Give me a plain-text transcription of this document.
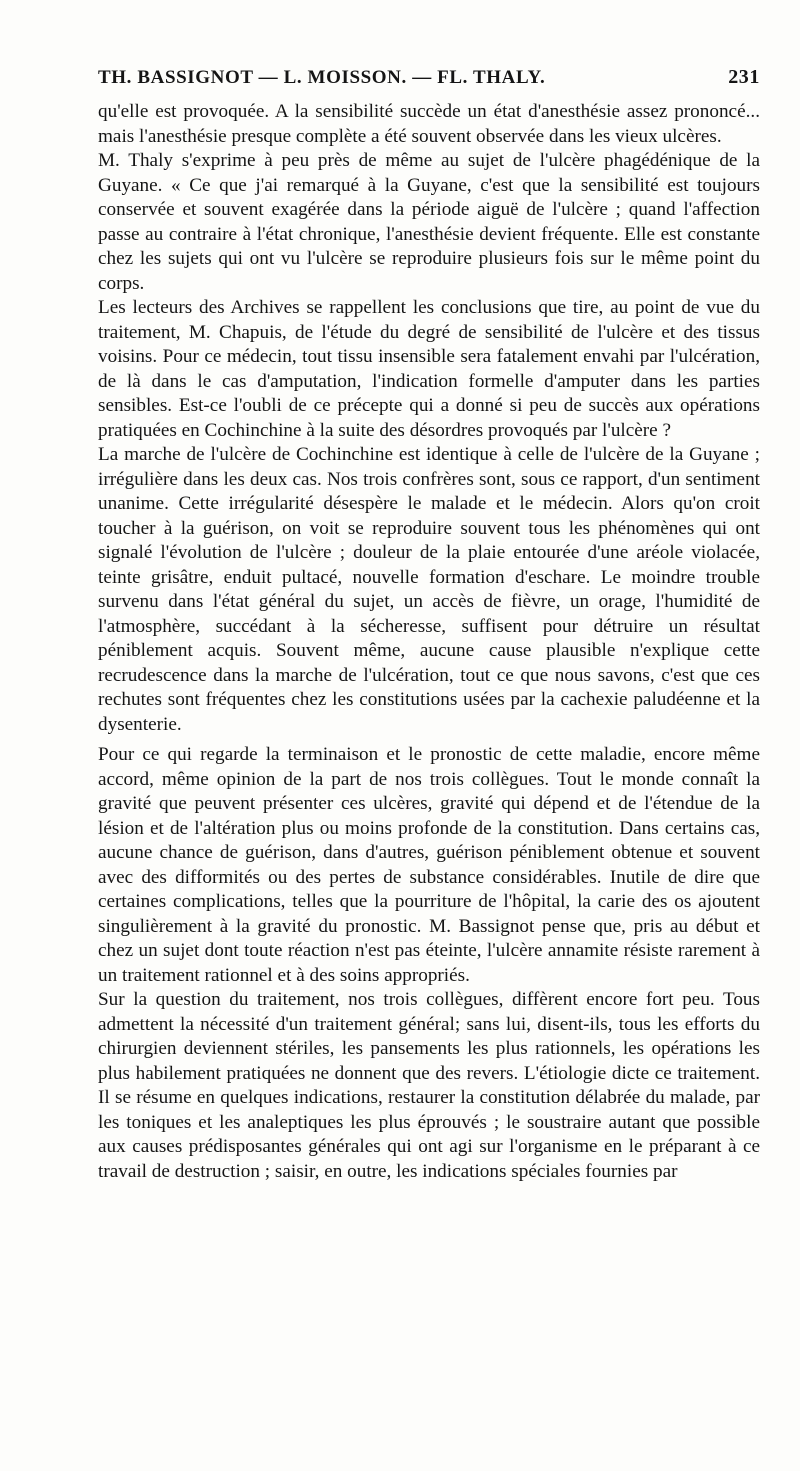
TH. BASSIGNOT — L. MOISSON. — FL. THALY.	231

qu'elle est provoquée. A la sensibilité succède un état d'anesthésie assez prononcé... mais l'anesthésie presque complète a été souvent observée dans les vieux ulcères.

M. Thaly s'exprime à peu près de même au sujet de l'ulcère phagédénique de la Guyane. « Ce que j'ai remarqué à la Guyane, c'est que la sensibilité est toujours conservée et souvent exagérée dans la période aiguë de l'ulcère ; quand l'affection passe au contraire à l'état chronique, l'anesthésie devient fréquente. Elle est constante chez les sujets qui ont vu l'ulcère se reproduire plusieurs fois sur le même point du corps.

Les lecteurs des Archives se rappellent les conclusions que tire, au point de vue du traitement, M. Chapuis, de l'étude du degré de sensibilité de l'ulcère et des tissus voisins. Pour ce médecin, tout tissu insensible sera fatalement envahi par l'ulcération, de là dans le cas d'amputation, l'indication formelle d'amputer dans les parties sensibles. Est-ce l'oubli de ce précepte qui a donné si peu de succès aux opérations pratiquées en Cochinchine à la suite des désordres provoqués par l'ulcère ?

La marche de l'ulcère de Cochinchine est identique à celle de l'ulcère de la Guyane ; irrégulière dans les deux cas. Nos trois confrères sont, sous ce rapport, d'un sentiment unanime. Cette irrégularité désespère le malade et le médecin. Alors qu'on croit toucher à la guérison, on voit se reproduire souvent tous les phénomènes qui ont signalé l'évolution de l'ulcère ; douleur de la plaie entourée d'une aréole violacée, teinte grisâtre, enduit pultacé, nouvelle formation d'eschare. Le moindre trouble survenu dans l'état général du sujet, un accès de fièvre, un orage, l'humidité de l'atmosphère, succédant à la sécheresse, suffisent pour détruire un résultat péniblement acquis. Souvent même, aucune cause plausible n'explique cette recrudescence dans la marche de l'ulcération, tout ce que nous savons, c'est que ces rechutes sont fréquentes chez les constitutions usées par la cachexie paludéenne et la dysenterie.

Pour ce qui regarde la terminaison et le pronostic de cette maladie, encore même accord, même opinion de la part de nos trois collègues. Tout le monde connaît la gravité que peuvent présenter ces ulcères, gravité qui dépend et de l'étendue de la lésion et de l'altération plus ou moins profonde de la constitution. Dans certains cas, aucune chance de guérison, dans d'autres, guérison péniblement obtenue et souvent avec des difformités ou des pertes de substance considérables. Inutile de dire que certaines complications, telles que la pourriture de l'hôpital, la carie des os ajoutent singulièrement à la gravité du pronostic. M. Bassignot pense que, pris au début et chez un sujet dont toute réaction n'est pas éteinte, l'ulcère annamite résiste rarement à un traitement rationnel et à des soins appropriés.

Sur la question du traitement, nos trois collègues, diffèrent encore fort peu. Tous admettent la nécessité d'un traitement général; sans lui, disent-ils, tous les efforts du chirurgien deviennent stériles, les pansements les plus rationnels, les opérations les plus habilement pratiquées ne donnent que des revers. L'étiologie dicte ce traitement. Il se résume en quelques indications, restaurer la constitution délabrée du malade, par les toniques et les analeptiques les plus éprouvés ; le soustraire autant que possible aux causes prédisposantes générales qui ont agi sur l'organisme en le préparant à ce travail de destruction ; saisir, en outre, les indications spéciales fournies par
